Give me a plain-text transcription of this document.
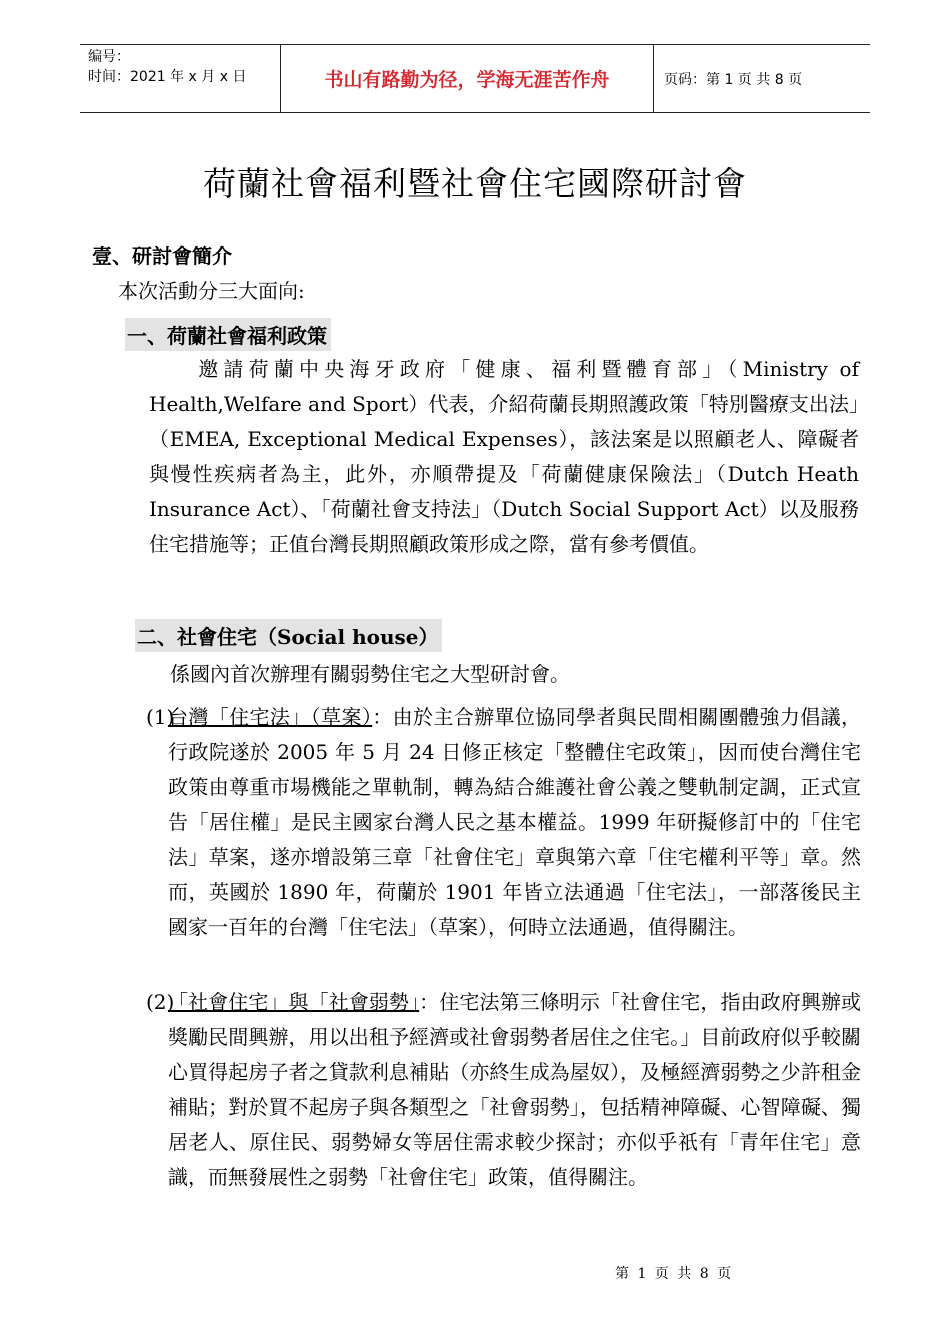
编号：
时间：2021 年 x 月 x 日	书山有路勤为径，学海无涯苦作舟	页码：第 1 页 共 8 页
荷蘭社會福利暨社會住宅國際研討會
壹、研討會簡介
本次活動分三大面向:
一、荷蘭社會福利政策
邀請荷蘭中央海牙政府「健康、福利暨體育部」（Ministry of Health,Welfare and Sport）代表，介紹荷蘭長期照護政策「特別醫療支出法」（EMEA, Exceptional Medical Expenses），該法案是以照顧老人、障礙者與慢性疾病者為主，此外，亦順帶提及「荷蘭健康保險法」（Dutch Heath Insurance Act）、「荷蘭社會支持法」（Dutch Social Support Act）以及服務住宅措施等；正值台灣長期照顧政策形成之際，當有參考價值。
二、社會住宅（Social house）
係國內首次辦理有關弱勢住宅之大型研討會。
(1)
台灣「住宅法」（草案）：由於主合辦單位協同學者與民間相關團體強力倡議，行政院遂於 2005 年 5 月 24 日修正核定「整體住宅政策」，因而使台灣住宅政策由尊重市場機能之單軌制，轉為結合維護社會公義之雙軌制定調，正式宣告「居住權」是民主國家台灣人民之基本權益。1999 年研擬修訂中的「住宅法」草案，遂亦增設第三章「社會住宅」章與第六章「住宅權利平等」章。然而，英國於 1890 年，荷蘭於 1901 年皆立法通過「住宅法」，一部落後民主國家一百年的台灣「住宅法」（草案），何時立法通過，值得關注。
(2)
「社會住宅」與「社會弱勢」：住宅法第三條明示「社會住宅，指由政府興辦或獎勵民間興辦，用以出租予經濟或社會弱勢者居住之住宅。」目前政府似乎較關心買得起房子者之貸款利息補貼（亦終生成為屋奴），及極經濟弱勢之少許租金補貼；對於買不起房子與各類型之「社會弱勢」，包括精神障礙、心智障礙、獨居老人、原住民、弱勢婦女等居住需求較少探討；亦似乎祇有「青年住宅」意識，而無發展性之弱勢「社會住宅」政策，值得關注。
第 1 页 共 8 页
